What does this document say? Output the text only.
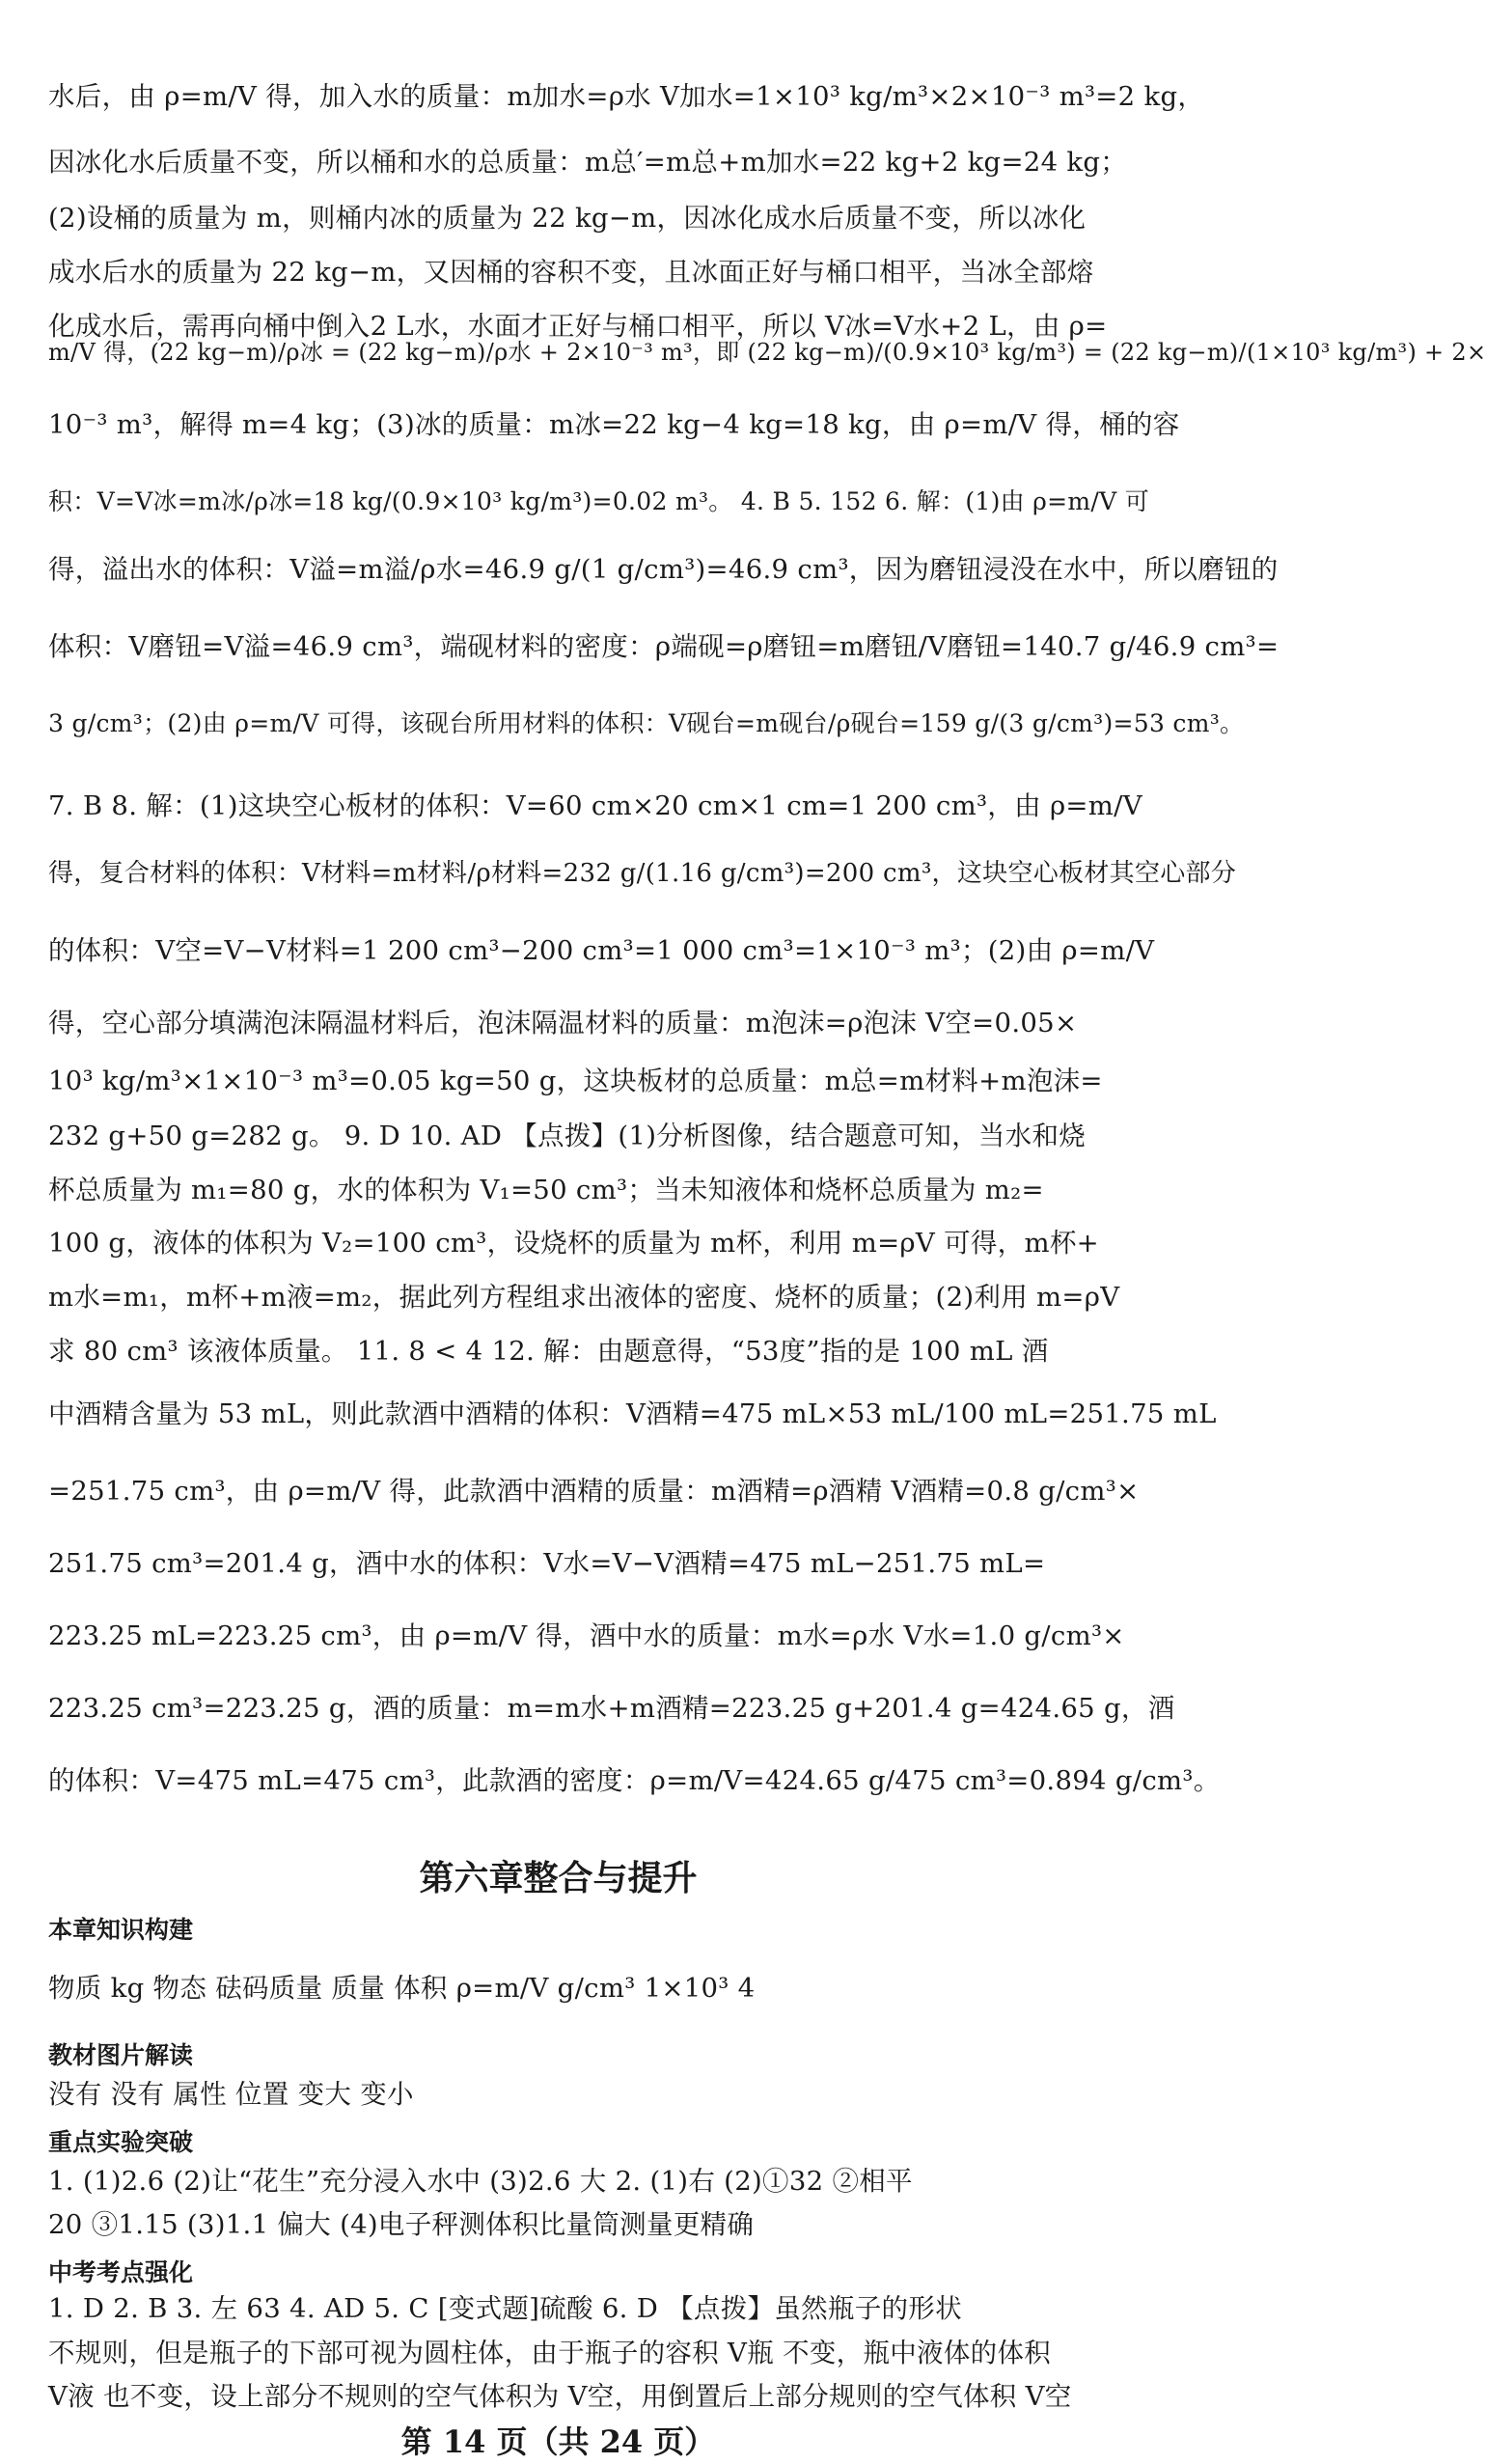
水后，由 ρ=m/V 得，加入水的质量：m加水=ρ水 V加水=1×10³ kg/m³×2×10⁻³ m³=2 kg，
因冰化水后质量不变，所以桶和水的总质量：m总′=m总+m加水=22 kg+2 kg=24 kg；
(2)设桶的质量为 m，则桶内冰的质量为 22 kg−m，因冰化成水后质量不变，所以冰化
成水后水的质量为 22 kg−m，又因桶的容积不变，且冰面正好与桶口相平，当冰全部熔
化成水后，需再向桶中倒入2 L水，水面才正好与桶口相平，所以 V冰=V水+2 L，由 ρ=
m/V 得，(22 kg−m)/ρ冰 = (22 kg−m)/ρ水 + 2×10⁻³ m³，即 (22 kg−m)/(0.9×10³ kg/m³) = (22 kg−m)/(1×10³ kg/m³) + 2×
10⁻³ m³，解得 m=4 kg；(3)冰的质量：m冰=22 kg−4 kg=18 kg，由 ρ=m/V 得，桶的容
积：V=V冰=m冰/ρ冰=18 kg/(0.9×10³ kg/m³)=0.02 m³。 4. B 5. 152 6. 解：(1)由 ρ=m/V 可
得，溢出水的体积：V溢=m溢/ρ水=46.9 g/(1 g/cm³)=46.9 cm³，因为磨钮浸没在水中，所以磨钮的
体积：V磨钮=V溢=46.9 cm³，端砚材料的密度：ρ端砚=ρ磨钮=m磨钮/V磨钮=140.7 g/46.9 cm³=
3 g/cm³；(2)由 ρ=m/V 可得，该砚台所用材料的体积：V砚台=m砚台/ρ砚台=159 g/(3 g/cm³)=53 cm³。
7. B 8. 解：(1)这块空心板材的体积：V=60 cm×20 cm×1 cm=1 200 cm³，由 ρ=m/V
得，复合材料的体积：V材料=m材料/ρ材料=232 g/(1.16 g/cm³)=200 cm³，这块空心板材其空心部分
的体积：V空=V−V材料=1 200 cm³−200 cm³=1 000 cm³=1×10⁻³ m³；(2)由 ρ=m/V
得，空心部分填满泡沫隔温材料后，泡沫隔温材料的质量：m泡沫=ρ泡沫 V空=0.05×
10³ kg/m³×1×10⁻³ m³=0.05 kg=50 g，这块板材的总质量：m总=m材料+m泡沫=
232 g+50 g=282 g。 9. D 10. AD 【点拨】(1)分析图像，结合题意可知，当水和烧
杯总质量为 m₁=80 g，水的体积为 V₁=50 cm³；当未知液体和烧杯总质量为 m₂=
100 g，液体的体积为 V₂=100 cm³，设烧杯的质量为 m杯，利用 m=ρV 可得，m杯+
m水=m₁，m杯+m液=m₂，据此列方程组求出液体的密度、烧杯的质量；(2)利用 m=ρV
求 80 cm³ 该液体质量。 11. 8 < 4 12. 解：由题意得，“53度”指的是 100 mL 酒
中酒精含量为 53 mL，则此款酒中酒精的体积：V酒精=475 mL×53 mL/100 mL=251.75 mL
=251.75 cm³，由 ρ=m/V 得，此款酒中酒精的质量：m酒精=ρ酒精 V酒精=0.8 g/cm³×
251.75 cm³=201.4 g，酒中水的体积：V水=V−V酒精=475 mL−251.75 mL=
223.25 mL=223.25 cm³，由 ρ=m/V 得，酒中水的质量：m水=ρ水 V水=1.0 g/cm³×
223.25 cm³=223.25 g，酒的质量：m=m水+m酒精=223.25 g+201.4 g=424.65 g，酒
的体积：V=475 mL=475 cm³，此款酒的密度：ρ=m/V=424.65 g/475 cm³=0.894 g/cm³。
第六章整合与提升
本章知识构建
物质 kg 物态 砝码质量 质量 体积 ρ=m/V g/cm³ 1×10³ 4
教材图片解读
没有 没有 属性 位置 变大 变小
重点实验突破
1. (1)2.6 (2)让“花生”充分浸入水中 (3)2.6 大 2. (1)右 (2)①32 ②相平
20 ③1.15 (3)1.1 偏大 (4)电子秤测体积比量筒测量更精确
中考考点强化
1. D 2. B 3. 左 63 4. AD 5. C [变式题]硫酸 6. D 【点拨】虽然瓶子的形状
不规则，但是瓶子的下部可视为圆柱体，由于瓶子的容积 V瓶 不变，瓶中液体的体积
V液 也不变，设上部分不规则的空气体积为 V空，用倒置后上部分规则的空气体积 V空
第 14 页（共 24 页）
